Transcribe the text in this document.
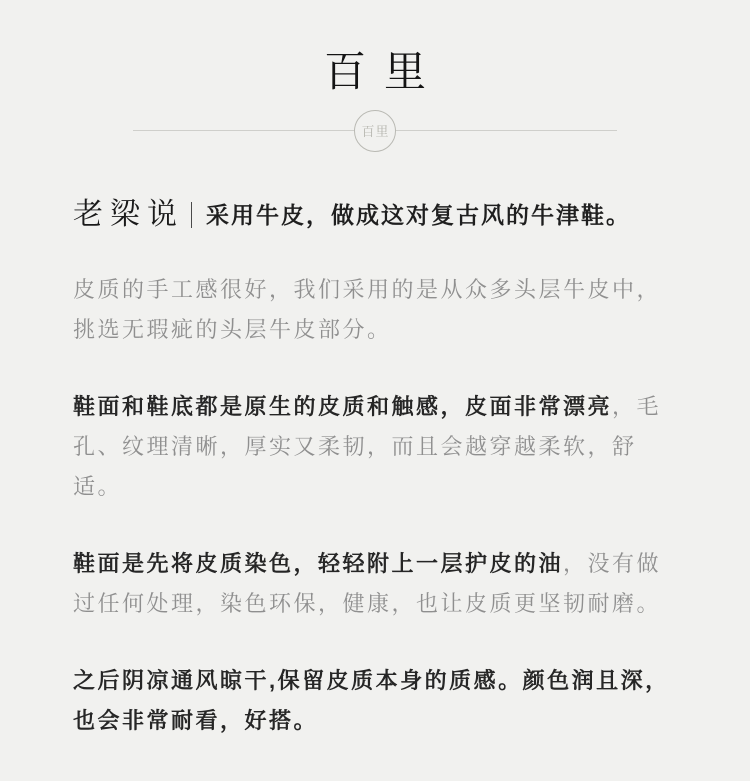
百里
百里
老梁说 采用牛皮，做成这对复古风的牛津鞋。

皮质的手工感很好，我们采用的是从众多头层牛皮中，挑选无瑕疵的头层牛皮部分。

鞋面和鞋底都是原生的皮质和触感，皮面非常漂亮，毛孔、纹理清晰，厚实又柔韧，而且会越穿越柔软，舒适。

鞋面是先将皮质染色，轻轻附上一层护皮的油，没有做过任何处理，染色环保，健康，也让皮质更坚韧耐磨。

之后阴凉通风晾干,保留皮质本身的质感。颜色润且深，也会非常耐看，好搭。
